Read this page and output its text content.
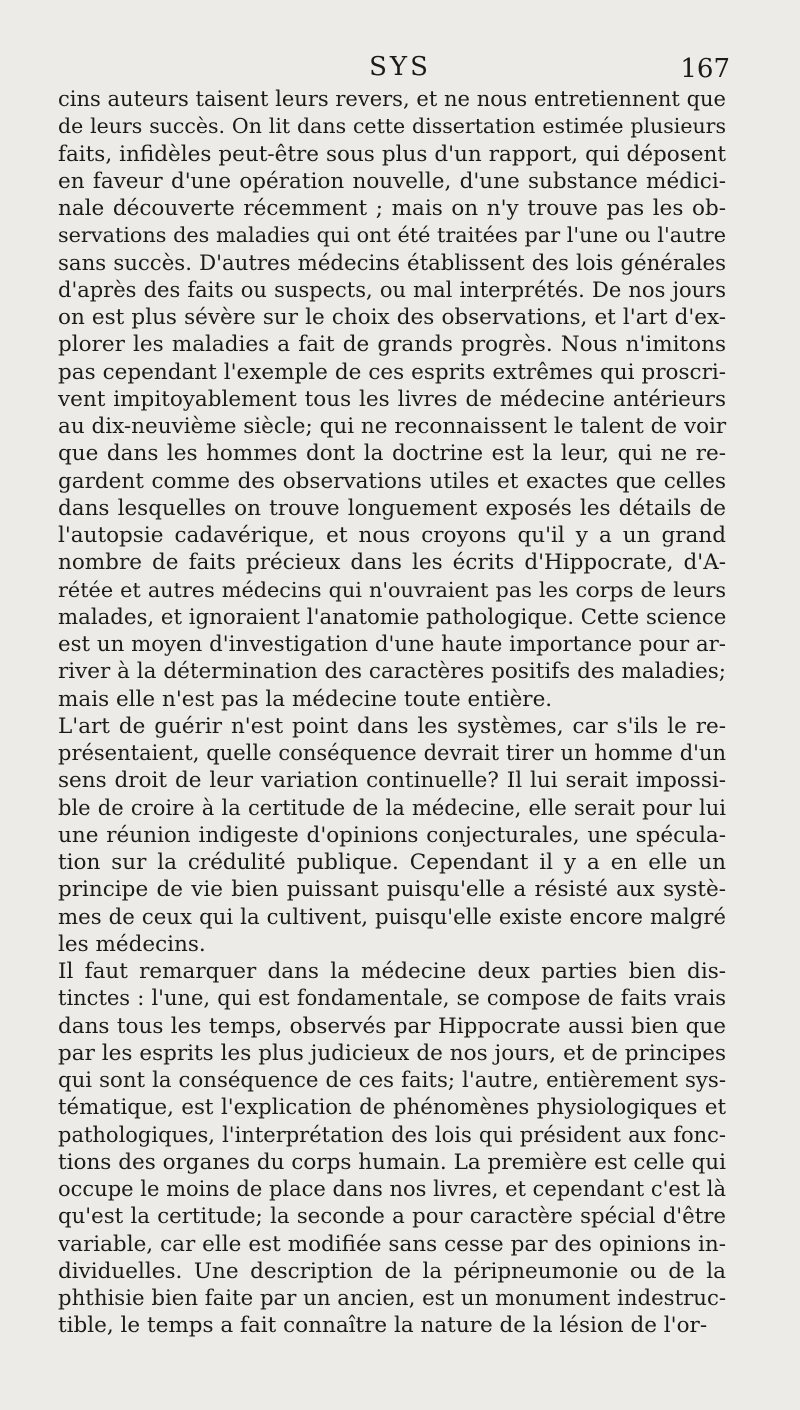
SYS	167
cins auteurs taisent leurs revers, et ne nous entretiennent que
de leurs succès. On lit dans cette dissertation estimée plusieurs
faits, infidèles peut-être sous plus d'un rapport, qui déposent
en faveur d'une opération nouvelle, d'une substance médici-
nale découverte récemment ; mais on n'y trouve pas les ob-
servations des maladies qui ont été traitées par l'une ou l'autre
sans succès. D'autres médecins établissent des lois générales
d'après des faits ou suspects, ou mal interprétés. De nos jours
on est plus sévère sur le choix des observations, et l'art d'ex-
plorer les maladies a fait de grands progrès. Nous n'imitons
pas cependant l'exemple de ces esprits extrêmes qui proscri-
vent impitoyablement tous les livres de médecine antérieurs
au dix-neuvième siècle; qui ne reconnaissent le talent de voir
que dans les hommes dont la doctrine est la leur, qui ne re-
gardent comme des observations utiles et exactes que celles
dans lesquelles on trouve longuement exposés les détails de
l'autopsie cadavérique, et nous croyons qu'il y a un grand
nombre de faits précieux dans les écrits d'Hippocrate, d'A-
rétée et autres médecins qui n'ouvraient pas les corps de leurs
malades, et ignoraient l'anatomie pathologique. Cette science
est un moyen d'investigation d'une haute importance pour ar-
river à la détermination des caractères positifs des maladies;
mais elle n'est pas la médecine toute entière.
L'art de guérir n'est point dans les systèmes, car s'ils le re-
présentaient, quelle conséquence devrait tirer un homme d'un
sens droit de leur variation continuelle? Il lui serait impossi-
ble de croire à la certitude de la médecine, elle serait pour lui
une réunion indigeste d'opinions conjecturales, une spécula-
tion sur la crédulité publique. Cependant il y a en elle un
principe de vie bien puissant puisqu'elle a résisté aux systè-
mes de ceux qui la cultivent, puisqu'elle existe encore malgré
les médecins.
Il faut remarquer dans la médecine deux parties bien dis-
tinctes : l'une, qui est fondamentale, se compose de faits vrais
dans tous les temps, observés par Hippocrate aussi bien que
par les esprits les plus judicieux de nos jours, et de principes
qui sont la conséquence de ces faits; l'autre, entièrement sys-
tématique, est l'explication de phénomènes physiologiques et
pathologiques, l'interprétation des lois qui président aux fonc-
tions des organes du corps humain. La première est celle qui
occupe le moins de place dans nos livres, et cependant c'est là
qu'est la certitude; la seconde a pour caractère spécial d'être
variable, car elle est modifiée sans cesse par des opinions in-
dividuelles. Une description de la péripneumonie ou de la
phthisie bien faite par un ancien, est un monument indestruc-
tible, le temps a fait connaître la nature de la lésion de l'or-
